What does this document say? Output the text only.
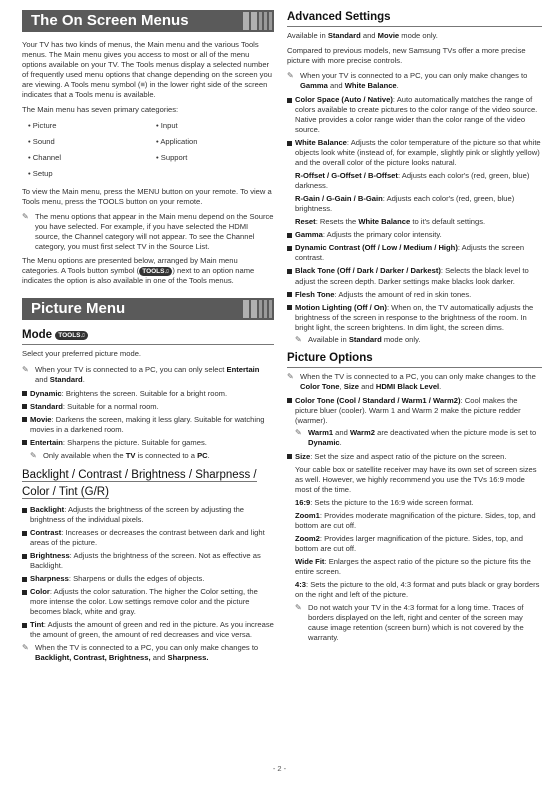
The On Screen Menus

Your TV has two kinds of menus, the Main menu and the various Tools menus. The Main menu gives you access to most or all of the menu options available on your TV. The Tools menus display a selected number of frequently used menu options that change depending on the screen you are viewing. A Tools menu symbol (≡) in the lower right side of the screen indicates that a Tools menu is available.

The Main menu has seven primary categories:

• Picture	• Input
• Sound	• Application
• Channel	• Support
• Setup

To view the Main menu, press the MENU button on your remote. To view a Tools menu, press the TOOLS button on your remote.

✎ The menu options that appear in the Main menu depend on the Source you have selected. For example, if you have selected the HDMI source, the Channel category will not appear. To see the Channel category, you must first select TV in the Source List.

The Menu options are presented below, arranged by Main menu categories. A Tools button symbol ( TOOLS♫ ) next to an option name indicates the option is also available in one of the Tools menus.

Picture Menu
Mode TOOLS♫

Select your preferred picture mode.

✎ When your TV is connected to a PC, you can only select Entertain and Standard.
Dynamic: Brightens the screen. Suitable for a bright room.
Standard: Suitable for a normal room.
Movie: Darkens the screen, making it less glary. Suitable for watching movies in a darkened room.
Entertain: Sharpens the picture. Suitable for games.
✎ Only available when the TV is connected to a PC.
Backlight / Contrast / Brightness / Sharpness / Color / Tint (G/R)
Backlight: Adjusts the brightness of the screen by adjusting the brightness of the individual pixels.
Contrast: Increases or decreases the contrast between dark and light areas of the picture.
Brightness: Adjusts the brightness of the screen. Not as effective as Backlight.
Sharpness: Sharpens or dulls the edges of objects.
Color: Adjusts the color saturation. The higher the Color setting, the more intense the color. Low settings remove color and the picture becomes black, white and gray.
Tint: Adjusts the amount of green and red in the picture. As you increase the amount of green, the amount of red decreases and vice versa.
✎ When the TV is connected to a PC, you can only make changes to Backlight, Contrast, Brightness, and Sharpness.
Advanced Settings

Available in Standard and Movie mode only.

Compared to previous models, new Samsung TVs offer a more precise picture with more precise controls.

✎ When your TV is connected to a PC, you can only make changes to Gamma and White Balance.
Color Space (Auto / Native): Auto automatically matches the range of colors available to create pictures to the color range of the video source. Native provides a color range wider than the color range of the video source.
White Balance: Adjusts the color temperature of the picture so that white objects look white (instead of, for example, slightly pink or slightly yellow) and the overall color of the picture looks natural.

R-Offset / G-Offset / B-Offset: Adjusts each color's (red, green, blue) darkness.

R-Gain / G-Gain / B-Gain: Adjusts each color's (red, green, blue) brightness.

Reset: Resets the White Balance to it's default settings.

Gamma: Adjusts the primary color intensity.
Dynamic Contrast (Off / Low / Medium / High): Adjusts the screen contrast.
Black Tone (Off / Dark / Darker / Darkest): Selects the black level to adjust the screen depth. Darker settings make blacks look darker.
Flesh Tone: Adjusts the amount of red in skin tones.
Motion Lighting (Off / On): When on, the TV automatically adjusts the brightness of the screen in response to the brightness of the room. In bright light, the screen brightens. In dim light, the screen dims.
✎ Available in Standard mode only.
Picture Options
✎ When the TV is connected to a PC, you can only make changes to the Color Tone, Size and HDMI Black Level.
Color Tone (Cool / Standard / Warm1 / Warm2): Cool makes the picture bluer (cooler). Warm 1 and Warm 2 make the picture redder (warmer).
✎ Warm1 and Warm2 are deactivated when the picture mode is set to Dynamic.
Size: Set the size and aspect ratio of the picture on the screen.

Your cable box or satellite receiver may have its own set of screen sizes as well. However, we highly recommend you use the TVs 16:9 mode most of the time.

16:9: Sets the picture to the 16:9 wide screen format.

Zoom1: Provides moderate magnification of the picture. Sides, top, and bottom are cut off.

Zoom2: Provides larger magnification of the picture. Sides, top, and bottom are cut off.

Wide Fit: Enlarges the aspect ratio of the picture so the picture fits the entire screen.

4:3: Sets the picture to the old, 4:3 format and puts black or gray borders on the right and left of the picture.

✎ Do not watch your TV in the 4:3 format for a long time. Traces of borders displayed on the left, right and center of the screen may cause image retention (screen burn) which is not covered by the warranty.
- 2 -
